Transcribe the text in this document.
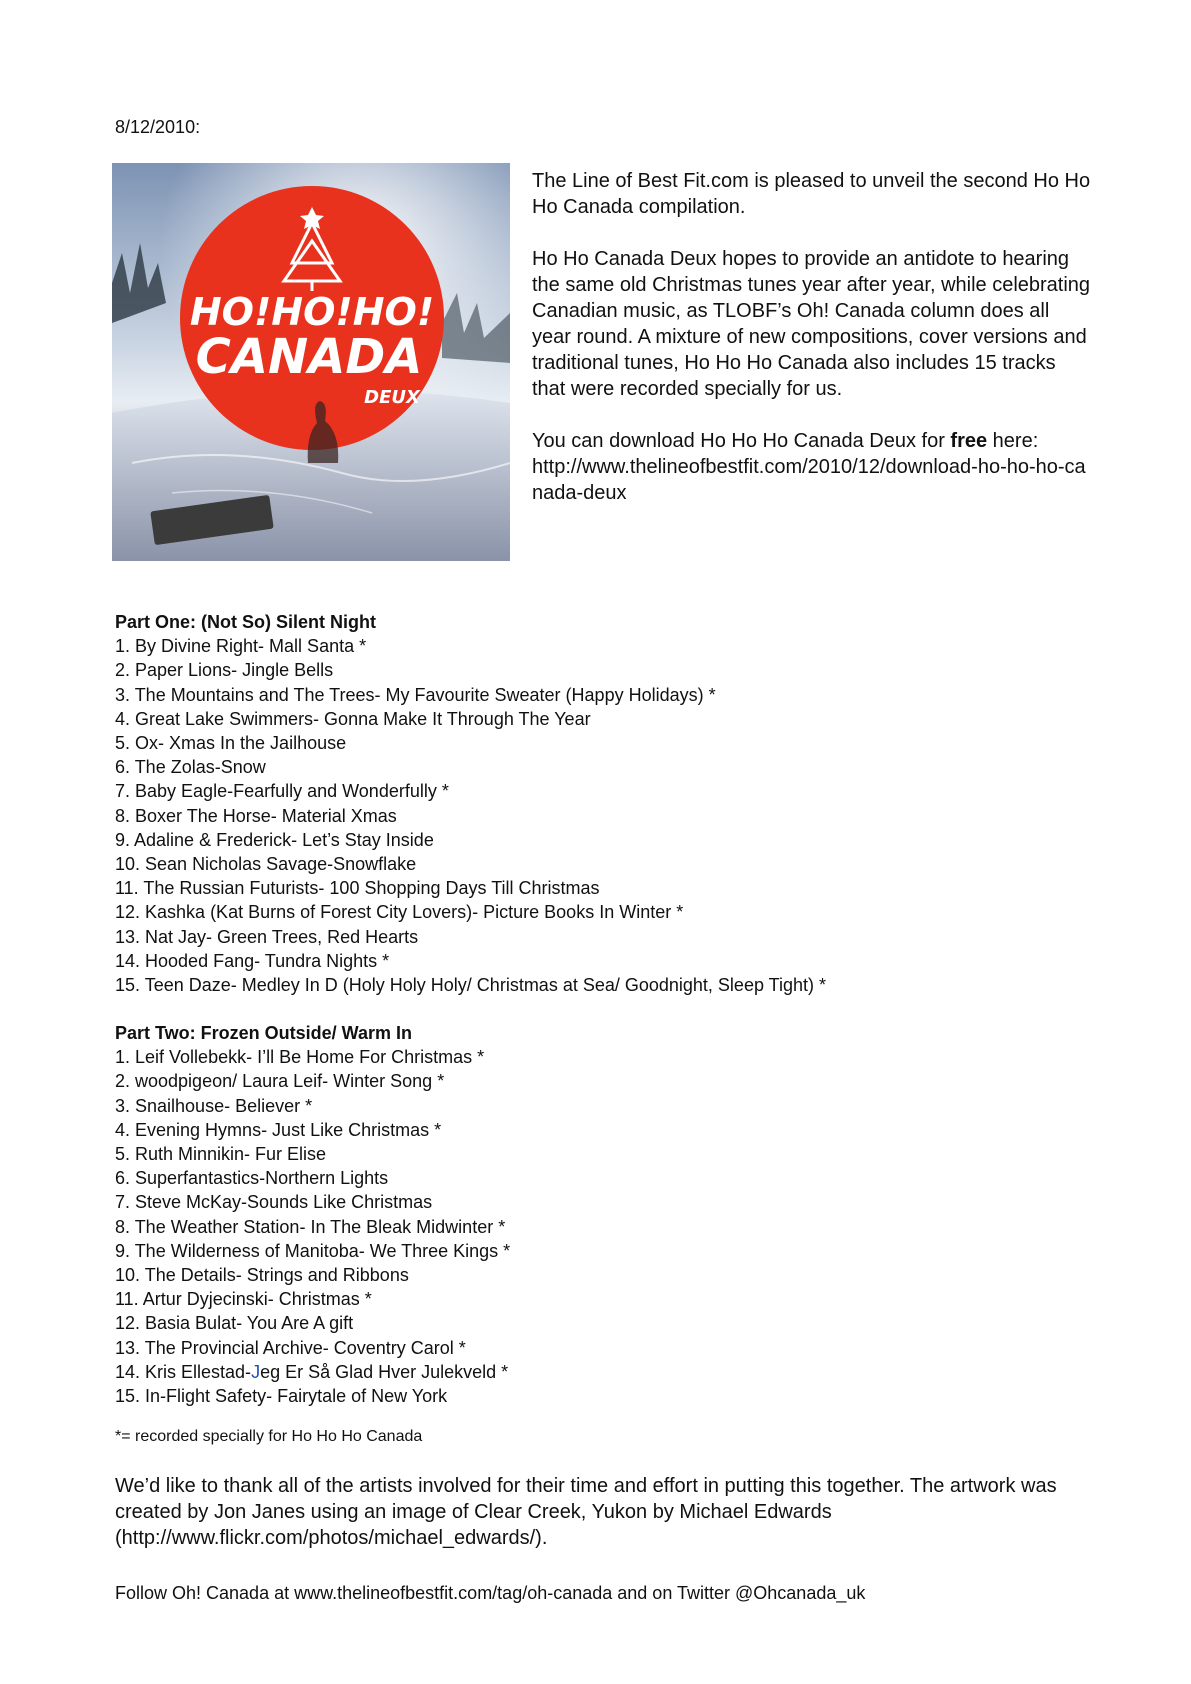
8/12/2010:
HO!HO!HO!
CANADA
DEUX

The Line of Best Fit.com is pleased to unveil the second Ho Ho Ho Canada compilation.

Ho Ho Canada Deux hopes to provide an antidote to hearing the same old Christmas tunes year after year, while celebrating Canadian music, as TLOBF’s Oh! Canada column does all year round. A mixture of new compositions, cover versions and traditional tunes, Ho Ho Ho Canada also includes 15 tracks that were recorded specially for us.

You can download Ho Ho Ho Canada Deux for free here:
http://www.thelineofbestfit.com/2010/12/download-ho-ho-ho-canada-deux

Part One: (Not So) Silent Night
1. By Divine Right- Mall Santa *
2. Paper Lions- Jingle Bells
3. The Mountains and The Trees- My Favourite Sweater (Happy Holidays) *
4. Great Lake Swimmers- Gonna Make It Through The Year
5. Ox- Xmas In the Jailhouse
6. The Zolas-Snow
7. Baby Eagle-Fearfully and Wonderfully *
8. Boxer The Horse- Material Xmas
9. Adaline & Frederick- Let’s Stay Inside
10. Sean Nicholas Savage-Snowflake
11. The Russian Futurists- 100 Shopping Days Till Christmas
12. Kashka (Kat Burns of Forest City Lovers)- Picture Books In Winter *
13. Nat Jay- Green Trees, Red Hearts
14. Hooded Fang- Tundra Nights *
15. Teen Daze- Medley In D (Holy Holy Holy/ Christmas at Sea/ Goodnight, Sleep Tight) *
Part Two: Frozen Outside/ Warm In
1. Leif Vollebekk- I’ll Be Home For Christmas *
2. woodpigeon/ Laura Leif- Winter Song *
3. Snailhouse- Believer *
4. Evening Hymns- Just Like Christmas *
5. Ruth Minnikin- Fur Elise
6. Superfantastics-Northern Lights
7. Steve McKay-Sounds Like Christmas
8. The Weather Station- In The Bleak Midwinter *
9. The Wilderness of Manitoba- We Three Kings *
10. The Details- Strings and Ribbons
11. Artur Dyjecinski- Christmas *
12. Basia Bulat- You Are A gift
13. The Provincial Archive- Coventry Carol *
14. Kris Ellestad-Jeg Er Så Glad Hver Julekveld *
15. In-Flight Safety- Fairytale of New York
*= recorded specially for Ho Ho Ho Canada
We’d like to thank all of the artists involved for their time and effort in putting this together. The artwork was created by Jon Janes using an image of Clear Creek, Yukon by Michael Edwards (http://www.flickr.com/photos/michael_edwards/).
Follow Oh! Canada at www.thelineofbestfit.com/tag/oh-canada and on Twitter @Ohcanada_uk
